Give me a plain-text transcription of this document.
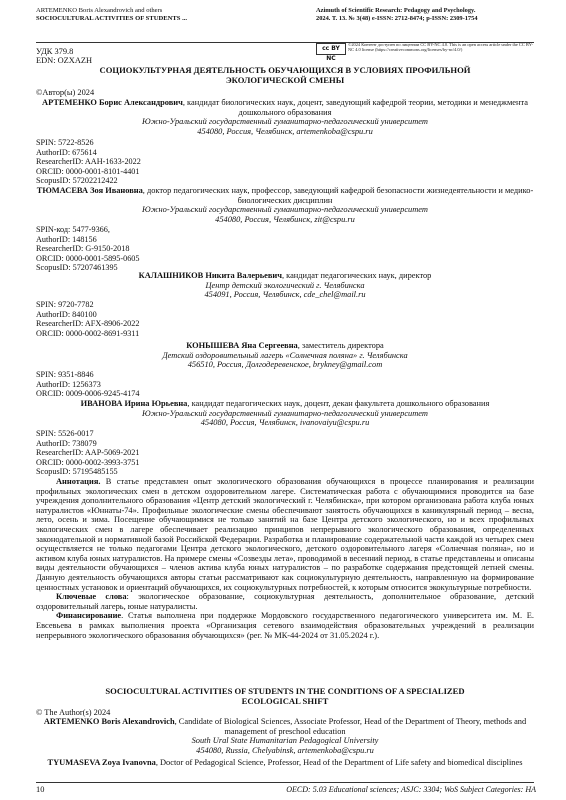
ARTEMENKO Boris Alexandrovich and others
SOCIOCULTURAL ACTIVITIES OF STUDENTS ...
Azimuth of Scientific Research: Pedagogy and Psychology.
2024. T. 13. № 3(48) e-ISSN: 2712-8474; p-ISSN: 2309-1754
cc BY NC
©2024 Контент доступен по лицензии CC BY-NC 4.0. This is an open access article under the CC BY-NC 4.0 license (https://creativecommons.org/licenses/by-nc/4.0/)
УДК 379.8
EDN: OZXAZH
СОЦИОКУЛЬТУРНАЯ ДЕЯТЕЛЬНОСТЬ ОБУЧАЮЩИХСЯ В УСЛОВИЯХ ПРОФИЛЬНОЙ
ЭКОЛОГИЧЕСКОЙ СМЕНЫ
©Автор(ы) 2024
АРТЕМЕНКО Борис Александрович, кандидат биологических наук, доцент, заведующий кафедрой теории, методики и менеджмента дошкольного образования
Южно-Уральский государственный гуманитарно-педагогический университет
454080, Россия, Челябинск, artemenkoba@cspu.ru
SPIN: 5722-8526
AuthorID: 675614
ResearcherID: AAH-1633-2022
ORCID: 0000-0001-8101-4401
ScopusID: 57202212422
ТЮМАСЕВА Зоя Ивановна, доктор педагогических наук, профессор, заведующий кафедрой безопасности жизнедеятельности и медико-биологических дисциплин
Южно-Уральский государственный гуманитарно-педагогический университет
454080, Россия, Челябинск, zit@cspu.ru
SPIN-код: 5477-9366,
AuthorID: 148156
ResearcherID: G-9150-2018
ORCID: 0000-0001-5895-0605
ScopusID: 57207461395
КАЛАШНИКОВ Никита Валерьевич, кандидат педагогических наук, директор
Центр детский экологический г. Челябинска
454091, Россия, Челябинск, cde_chel@mail.ru
SPIN: 9720-7782
AuthorID: 840100
ResearcherID: AFX-8906-2022
ORCID: 0000-0002-8691-9311
КОНЫШЕВА Яна Сергеевна, заместитель директора
Детский оздоровительный лагерь «Солнечная поляна» г. Челябинска
456510, Россия, Долгодеревенское, brykney@gmail.com
SPIN: 9351-8846
AuthorID: 1256373
ORCID: 0009-0006-9245-4174
ИВАНОВА Ирина Юрьевна, кандидат педагогических наук, доцент, декан факультета дошкольного образования
Южно-Уральский государственный гуманитарно-педагогический университет
454080, Россия, Челябинск, ivanovaiyu@cspu.ru
SPIN: 5526-0017
AuthorID: 738079
ResearcherID: AAP-5069-2021
ORCID: 0000-0002-3993-3751
ScopusID: 57195485155

Аннотация. В статье представлен опыт экологического образования обучающихся в процессе планирования и реализации профильных экологических смен в детском оздоровительном лагере. Систематическая работа с обучающимися проводится на базе учреждения дополнительного образования «Центр детский экологический г. Челябинска», при котором организована работа клуба юных натуралистов «Юннаты-74». Профильные экологические смены обеспечивают занятость обучающихся в каникулярный период – весна, лето, осень и зима. Посещение обучающимися не только занятий на базе Центра детского экологического, но и всех профильных экологических смен в лагере обеспечивает реализацию принципов непрерывного экологического образования, определенных законодательной и нормативной базой Российской Федерации. Разработка и планирование содержательной части каждой из четырех смен осуществляется не только педагогами Центра детского экологического, детского оздоровительного лагеря «Солнечная поляна», но и активом клуба юных натуралистов. На примере смены «Созвезды лета», проводимой в весенний период, в статье представлены и описаны виды деятельности обучающихся – членов актива клуба юных натуралистов – по разработке содержания предстоящей летней смены. Данную деятельность обучающихся авторы статьи рассматривают как социокультурную деятельность, направленную на формирование ценностных установок и ориентаций обучающихся, их социокультурных потребностей, к которым относится экокультурные потребности.

Ключевые слова: экологическое образование, социокультурная деятельность, дополнительное образование, детский оздоровительный лагерь, юные натуралисты.

Финансирование. Статья выполнена при поддержке Мордовского государственного педагогического университета им. М. Е. Евсевьева в рамках выполнения проекта «Организация сетевого взаимодействия образовательных учреждений в реализации непрерывного экологического образования обучающихся» (рег. № МК-44-2024 от 31.05.2024 г.).

SOCIOCULTURAL ACTIVITIES OF STUDENTS IN THE CONDITIONS OF A SPECIALIZED
ECOLOGICAL SHIFT
© The Author(s) 2024
ARTEMENKO Boris Alexandrovich, Candidate of Biological Sciences, Associate Professor, Head of the Department of Theory, methods and management of preschool education
South Ural State Humanitarian Pedagogical University
454080, Russia, Chelyabinsk, artemenkoba@cspu.ru
TYUMASEVA Zoya Ivanovna, Doctor of Pedagogical Science, Professor, Head of the Department of Life safety and biomedical disciplines
10	OECD: 5.03 Educational sciences; ASJC: 3304; WoS Subject Categories: HA
